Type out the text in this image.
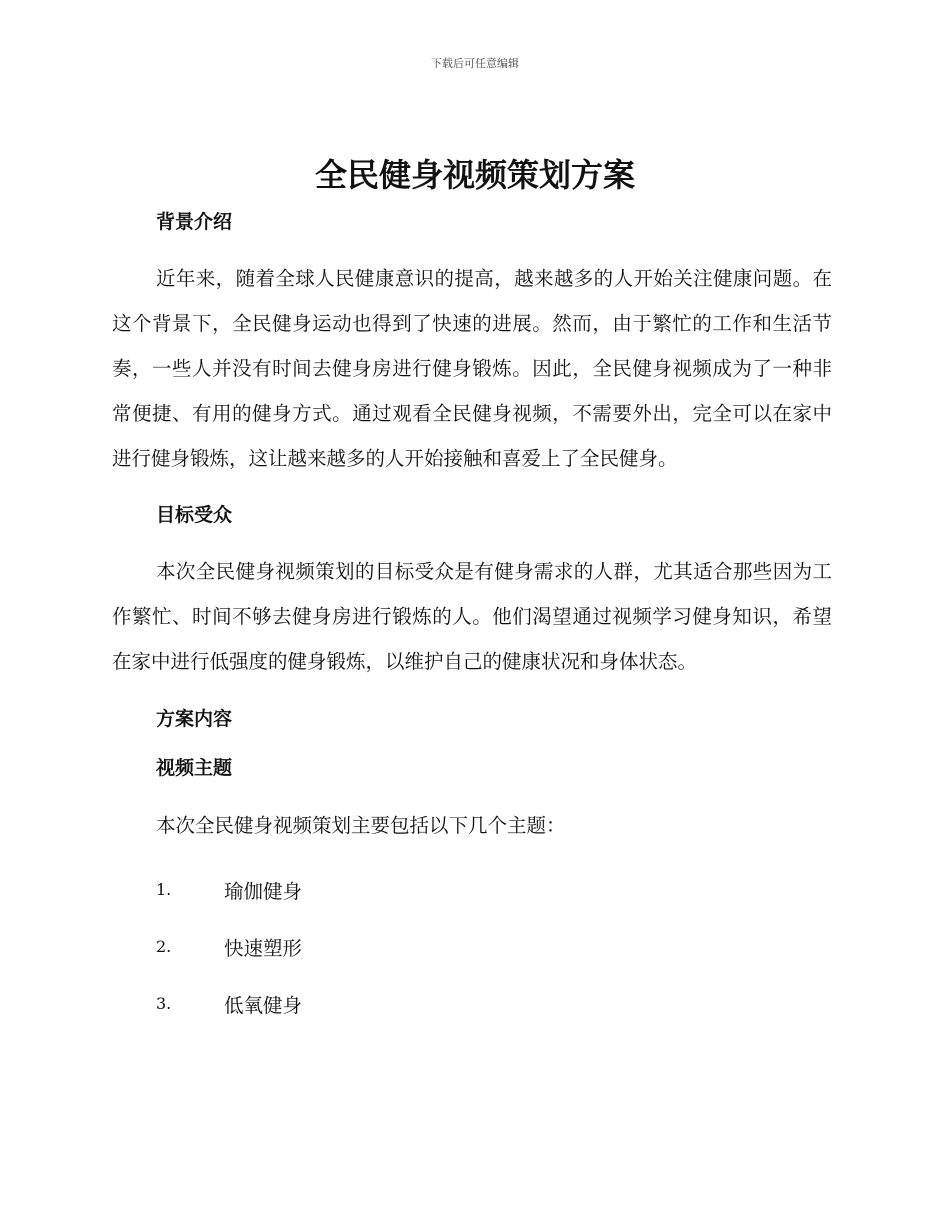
下载后可任意编辑
全民健身视频策划方案
背景介绍

近年来，随着全球人民健康意识的提高，越来越多的人开始关注健康问题。在这个背景下，全民健身运动也得到了快速的进展。然而，由于繁忙的工作和生活节奏，一些人并没有时间去健身房进行健身锻炼。因此，全民健身视频成为了一种非常便捷、有用的健身方式。通过观看全民健身视频，不需要外出，完全可以在家中进行健身锻炼，这让越来越多的人开始接触和喜爱上了全民健身。

目标受众

本次全民健身视频策划的目标受众是有健身需求的人群，尤其适合那些因为工作繁忙、时间不够去健身房进行锻炼的人。他们渴望通过视频学习健身知识，希望在家中进行低强度的健身锻炼，以维护自己的健康状况和身体状态。

方案内容
视频主题

本次全民健身视频策划主要包括以下几个主题：

1.	瑜伽健身
2.	快速塑形
3.	低氧健身
